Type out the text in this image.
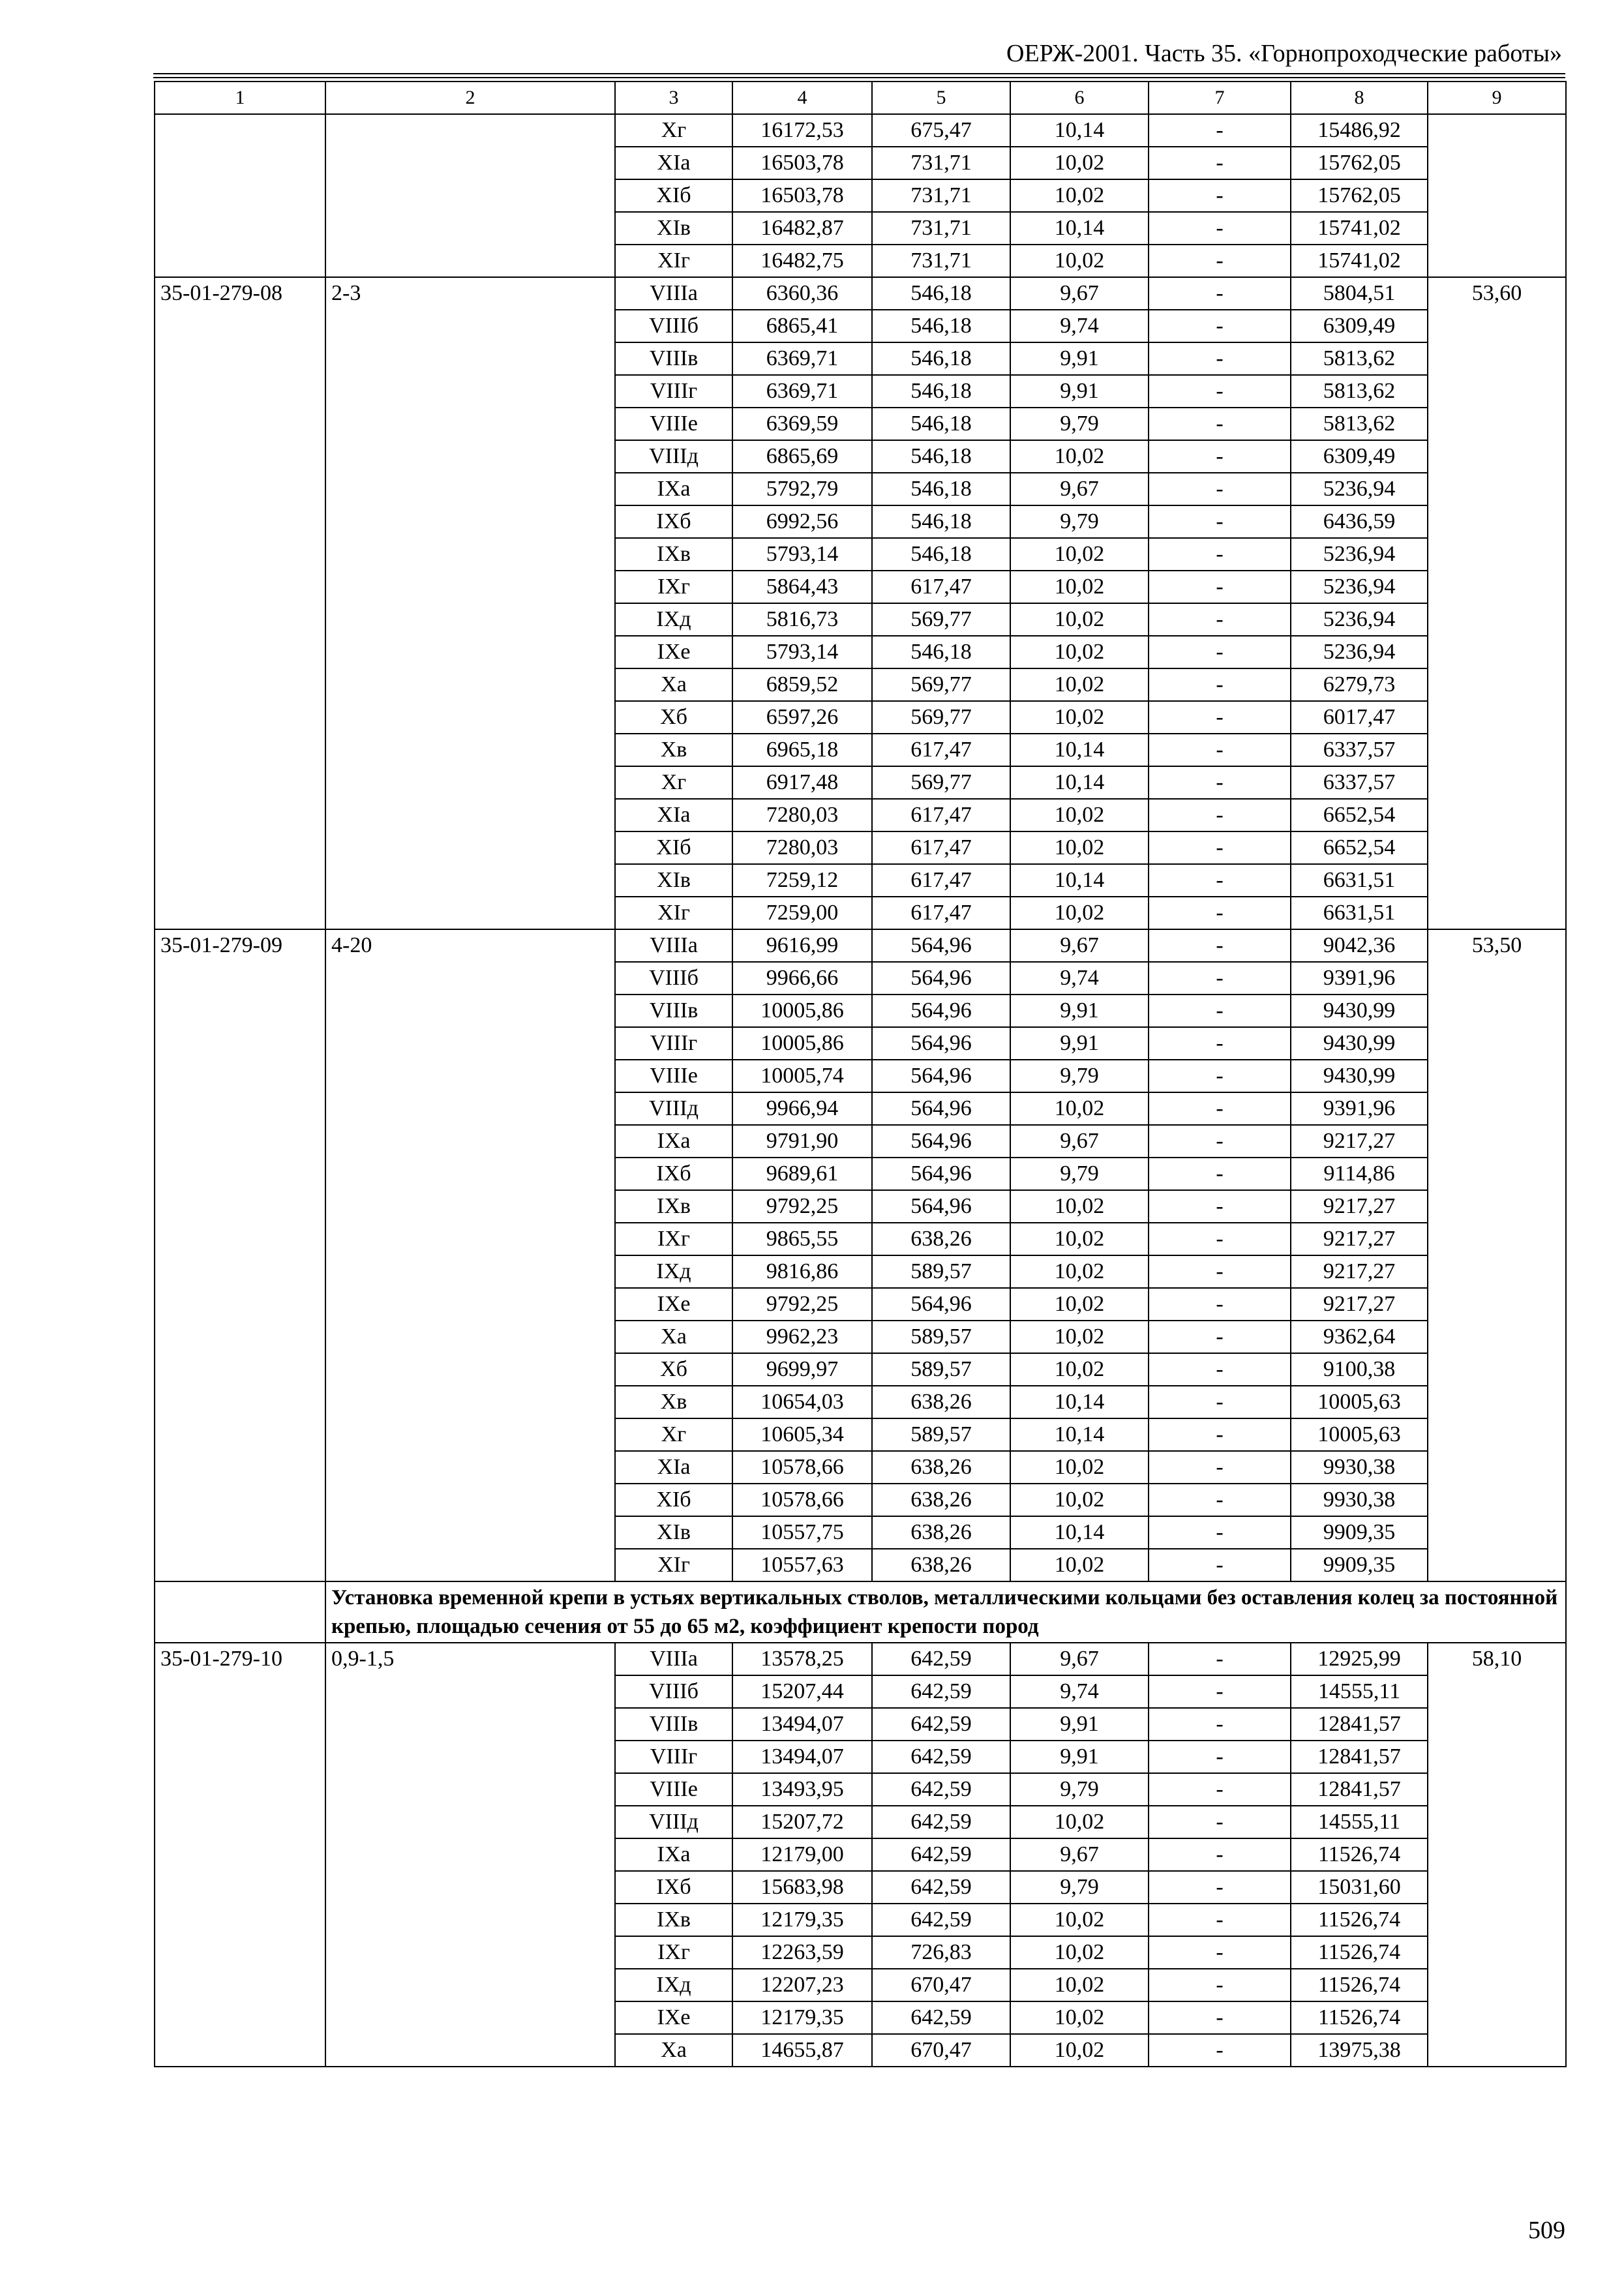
ОЕРЖ-2001. Часть 35. «Горнопроходческие работы»
1	2	3	4	5	6	7	8	9
		Xг	16172,53	675,47	10,14	-	15486,92	
		XIа	16503,78	731,71	10,02	-	15762,05	
		XIб	16503,78	731,71	10,02	-	15762,05	
		XIв	16482,87	731,71	10,14	-	15741,02	
		XIг	16482,75	731,71	10,02	-	15741,02	
35-01-279-08	2-3	VIIIа	6360,36	546,18	9,67	-	5804,51	53,60
		VIIIб	6865,41	546,18	9,74	-	6309,49	
		VIIIв	6369,71	546,18	9,91	-	5813,62	
		VIIIг	6369,71	546,18	9,91	-	5813,62	
		VIIIе	6369,59	546,18	9,79	-	5813,62	
		VIIIд	6865,69	546,18	10,02	-	6309,49	
		IXа	5792,79	546,18	9,67	-	5236,94	
		IXб	6992,56	546,18	9,79	-	6436,59	
		IXв	5793,14	546,18	10,02	-	5236,94	
		IXг	5864,43	617,47	10,02	-	5236,94	
		IXд	5816,73	569,77	10,02	-	5236,94	
		IXе	5793,14	546,18	10,02	-	5236,94	
		Xа	6859,52	569,77	10,02	-	6279,73	
		Xб	6597,26	569,77	10,02	-	6017,47	
		Xв	6965,18	617,47	10,14	-	6337,57	
		Xг	6917,48	569,77	10,14	-	6337,57	
		XIа	7280,03	617,47	10,02	-	6652,54	
		XIб	7280,03	617,47	10,02	-	6652,54	
		XIв	7259,12	617,47	10,14	-	6631,51	
		XIг	7259,00	617,47	10,02	-	6631,51	
35-01-279-09	4-20	VIIIа	9616,99	564,96	9,67	-	9042,36	53,50
		VIIIб	9966,66	564,96	9,74	-	9391,96	
		VIIIв	10005,86	564,96	9,91	-	9430,99	
		VIIIг	10005,86	564,96	9,91	-	9430,99	
		VIIIе	10005,74	564,96	9,79	-	9430,99	
		VIIIд	9966,94	564,96	10,02	-	9391,96	
		IXа	9791,90	564,96	9,67	-	9217,27	
		IXб	9689,61	564,96	9,79	-	9114,86	
		IXв	9792,25	564,96	10,02	-	9217,27	
		IXг	9865,55	638,26	10,02	-	9217,27	
		IXд	9816,86	589,57	10,02	-	9217,27	
		IXе	9792,25	564,96	10,02	-	9217,27	
		Xа	9962,23	589,57	10,02	-	9362,64	
		Xб	9699,97	589,57	10,02	-	9100,38	
		Xв	10654,03	638,26	10,14	-	10005,63	
		Xг	10605,34	589,57	10,14	-	10005,63	
		XIа	10578,66	638,26	10,02	-	9930,38	
		XIб	10578,66	638,26	10,02	-	9930,38	
		XIв	10557,75	638,26	10,14	-	9909,35	
		XIг	10557,63	638,26	10,02	-	9909,35	
	Установка временной крепи в устьях вертикальных стволов, металлическими кольцами без оставления колец за постоянной крепью, площадью сечения от 55 до 65 м2, коэффициент крепости пород							
35-01-279-10	0,9-1,5	VIIIа	13578,25	642,59	9,67	-	12925,99	58,10
		VIIIб	15207,44	642,59	9,74	-	14555,11	
		VIIIв	13494,07	642,59	9,91	-	12841,57	
		VIIIг	13494,07	642,59	9,91	-	12841,57	
		VIIIе	13493,95	642,59	9,79	-	12841,57	
		VIIIд	15207,72	642,59	10,02	-	14555,11	
		IXа	12179,00	642,59	9,67	-	11526,74	
		IXб	15683,98	642,59	9,79	-	15031,60	
		IXв	12179,35	642,59	10,02	-	11526,74	
		IXг	12263,59	726,83	10,02	-	11526,74	
		IXд	12207,23	670,47	10,02	-	11526,74	
		IXе	12179,35	642,59	10,02	-	11526,74	
		Xа	14655,87	670,47	10,02	-	13975,38	
509
